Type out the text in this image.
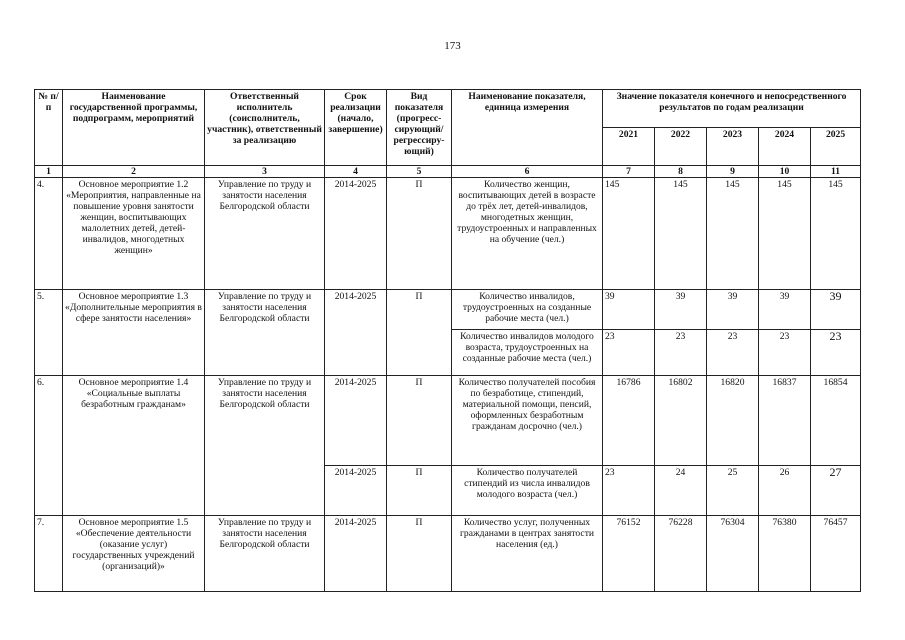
173
№ п/ п	Наименование государственной программы, подпрограмм, мероприятий	Ответственный исполнитель (соисполнитель, участник), ответственный за реализацию	Срок реализации (начало, завершение)	Вид показателя (прогресс-сирующий/ регрессиру-ющий)	Наименование показателя, единица измерения	Значение показателя конечного и непосредственного результатов по годам реализации				
						2021	2022	2023	2024	2025
1	2	3	4	5	6	7	8	9	10	11
4.	Основное мероприятие 1.2 «Мероприятия, направленные на повышение уровня занятости женщин, воспитывающих малолетних детей, детей-инвалидов, многодетных женщин»	Управление по труду и занятости населения Белгородской области	2014-2025	П	Количество женщин, воспитывающих детей в возрасте до трёх лет, детей-инвалидов, многодетных женщин, трудоустроенных и направленных на обучение (чел.)	145	145	145	145	145
5.	Основное мероприятие 1.3 «Дополнительные мероприятия в сфере занятости населения»	Управление по труду и занятости населения Белгородской области	2014-2025	П	Количество инвалидов, трудоустроенных на созданные рабочие места (чел.)	39	39	39	39	39
					Количество инвалидов молодого возраста, трудоустроенных на созданные рабочие места (чел.)	23	23	23	23	23
6.	Основное мероприятие 1.4 «Социальные выплаты безработным гражданам»	Управление по труду и занятости населения Белгородской области	2014-2025	П	Количество получателей пособия по безработице, стипендий, материальной помощи, пенсий, оформленных безработным гражданам досрочно (чел.)	16786	16802	16820	16837	16854
			2014-2025	П	Количество получателей стипендий из числа инвалидов молодого возраста (чел.)	23	24	25	26	27
7.	Основное мероприятие 1.5 «Обеспечение деятельности (оказание услуг) государственных учреждений (организаций)»	Управление по труду и занятости населения Белгородской области	2014-2025	П	Количество услуг, полученных гражданами в центрах занятости населения (ед.)	76152	76228	76304	76380	76457
